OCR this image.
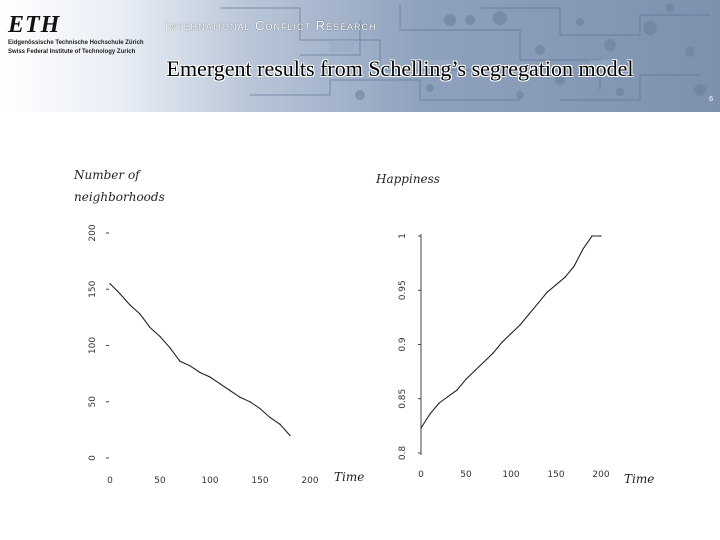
ETH
Eidgenössische Technische Hochschule Zürich
Swiss Federal Institute of Technology Zurich
International Conflict Research
Emergent results from Schelling’s segregation model
6
Number of neighborhoods
Time
Happiness
Time
0
50
100
150
200
0	50	100	150	200
0.8
0.85
0.9
0.95
1
0	50	100	150	200
